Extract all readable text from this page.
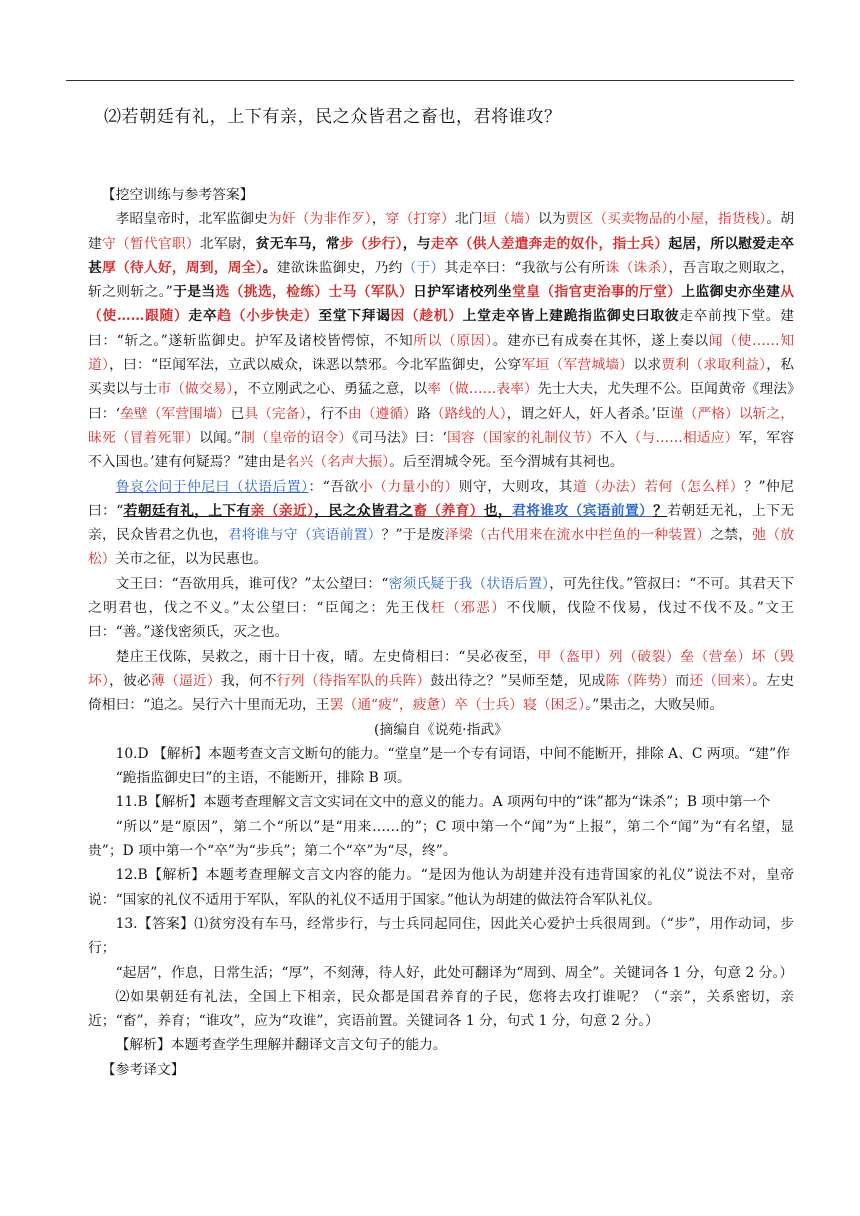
⑵若朝廷有礼，上下有亲，民之众皆君之畜也，君将谁攻？

【挖空训练与参考答案】

孝昭皇帝时，北军监御史为奸（为非作歹），穿（打穿）北门垣（墙）以为贾区（买卖物品的小屋，指货栈）。胡建守（暂代官职）北军尉，贫无车马，常步（步行），与走卒（供人差遣奔走的奴仆，指士兵）起居，所以慰爱走卒甚厚（待人好，周到，周全）。建欲诛监御史，乃约（于）其走卒曰：“我欲与公有所诛（诛杀），吾言取之则取之，斩之则斩之。”于是当选（挑选，检练）士马（军队）日护军诸校列坐堂皇（指官吏治事的厅堂）上监御史亦坐建从（使……跟随）走卒趋（小步快走）至堂下拜谒因（趁机）上堂走卒皆上建跪指监御史曰取彼走卒前拽下堂。建曰：“斩之。”遂斩监御史。护军及诸校皆愕惊，不知所以（原因）。建亦已有成奏在其怀，遂上奏以闻（使……知道），曰：“臣闻军法，立武以威众，诛恶以禁邪。今北军监御史，公穿军垣（军营城墙）以求贾利（求取利益），私买卖以与士市（做交易），不立刚武之心、勇猛之意，以率（做……表率）先士大夫，尤失理不公。臣闻黄帝《理法》曰：‘垒壁（军营围墙）已具（完备），行不由（遵循）路（路线的人），谓之奸人，奸人者杀。’臣谨（严格）以斩之，昧死（冒着死罪）以闻。”制（皇帝的诏令）《司马法》曰：‘国容（国家的礼制仪节）不入（与……相适应）军，军容不入国也。’建有何疑焉？”建由是名兴（名声大振）。后至渭城令死。至今渭城有其祠也。

鲁哀公问于仲尼曰（状语后置）：“吾欲小（力量小的）则守，大则攻，其道（办法）若何（怎么样）？”仲尼曰：“若朝廷有礼，上下有亲（亲近），民之众皆君之畜（养育）也，君将谁攻（宾语前置）？若朝廷无礼，上下无亲，民众皆君之仇也，君将谁与守（宾语前置）？”于是废泽梁（古代用来在流水中拦鱼的一种装置）之禁，弛（放松）关市之征，以为民惠也。

文王曰：“吾欲用兵，谁可伐？”太公望曰：“密须氏疑于我（状语后置），可先往伐。”管叔曰：“不可。其君天下之明君也，伐之不义。”太公望曰：“臣闻之：先王伐枉（邪恶）不伐顺，伐险不伐易，伐过不伐不及。”文王曰：“善。”遂伐密须氏，灭之也。

楚庄王伐陈，吴救之，雨十日十夜，晴。左史倚相曰：“吴必夜至，甲（盔甲）列（破裂）垒（营垒）坏（毁坏），彼必薄（逼近）我，何不行列（待指军队的兵阵）鼓出待之？”吴师至楚，见成陈（阵势）而还（回来）。左史倚相曰：“追之。吴行六十里而无功，王罢（通“疲”，疲惫）卒（士兵）寝（困乏）。”果击之，大败吴师。

(摘编自《说苑·指武》

10.D 【解析】本题考查文言文断句的能力。“堂皇”是一个专有词语，中间不能断开，排除 A、C 两项。“建”作

“跪指监御史曰”的主语，不能断开，排除 B 项。

11.B【解析】本题考查理解文言文实词在文中的意义的能力。A 项两句中的“诛”都为“诛杀”；B 项中第一个

“所以”是“原因”，第二个“所以”是“用来……的”；C 项中第一个“闻”为“上报”，第二个“闻”为“有名望，显贵”；D 项中第一个“卒”为“步兵”；第二个“卒”为“尽，终”。

12.B【解析】本题考查理解文言文内容的能力。“是因为他认为胡建并没有违背国家的礼仪”说法不对，皇帝说：“国家的礼仪不适用于军队，军队的礼仪不适用于国家。”他认为胡建的做法符合军队礼仪。

13.【答案】⑴贫穷没有车马，经常步行，与士兵同起同住，因此关心爱护士兵很周到。（“步”，用作动词，步行；

“起居”，作息，日常生活；“厚”，不刻薄，待人好，此处可翻译为“周到、周全”。关键词各 1 分，句意 2 分。）

⑵如果朝廷有礼法，全国上下相亲，民众都是国君养育的子民，您将去攻打谁呢？（“亲”，关系密切，亲近；“畜”，养育；“谁攻”，应为“攻谁”，宾语前置。关键词各 1 分，句式 1 分，句意 2 分。）

【解析】本题考查学生理解并翻译文言文句子的能力。

【参考译文】
